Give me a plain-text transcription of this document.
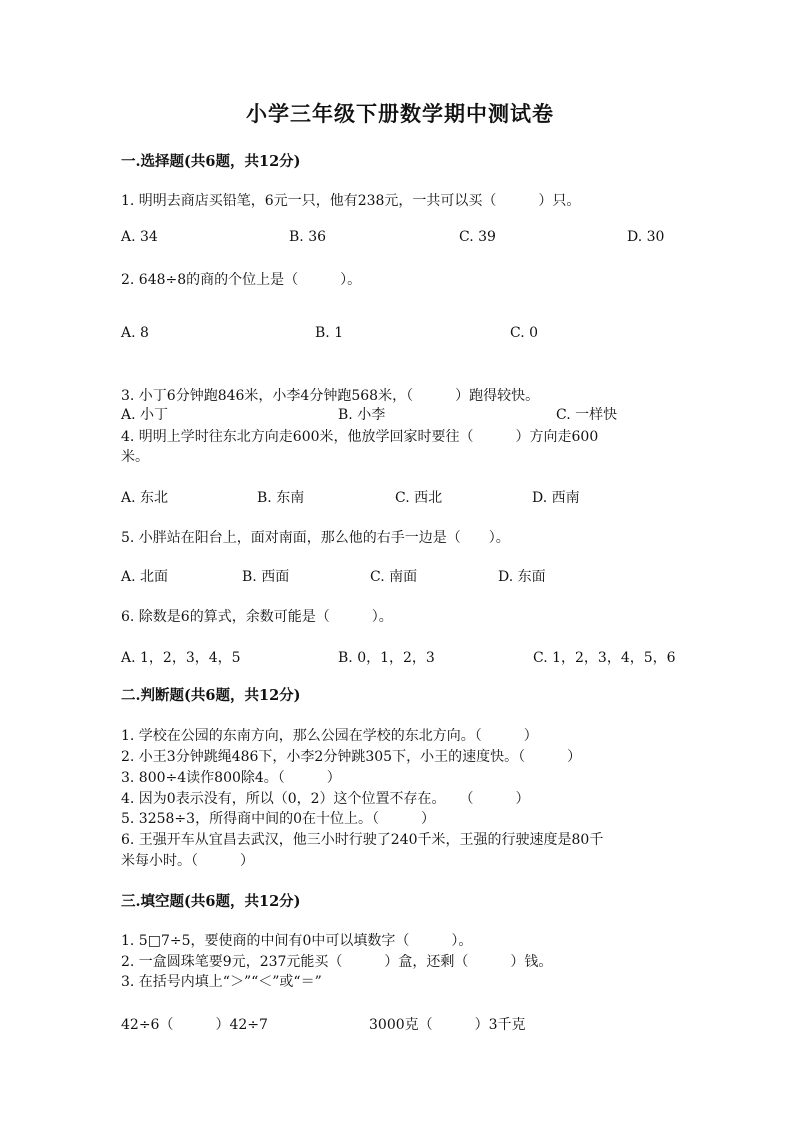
小学三年级下册数学期中测试卷
一.选择题(共6题，共12分)
1. 明明去商店买铅笔，6元一只，他有238元，一共可以买（　　　）只。
A. 34	B. 36	C. 39	D. 30
2. 648÷8的商的个位上是（　　　）。
A. 8	B. 1	C. 0
3. 小丁6分钟跑846米，小李4分钟跑568米，（　　　）跑得较快。
A. 小丁	B. 小李	C. 一样快
4. 明明上学时往东北方向走600米，他放学回家时要往（　　　）方向走600
米。
A. 东北	B. 东南	C. 西北	D. 西南
5. 小胖站在阳台上，面对南面，那么他的右手一边是（　　）。
A. 北面	B. 西面	C. 南面	D. 东面
6. 除数是6的算式，余数可能是（　　　）。
A. 1，2，3，4，5	B. 0，1，2，3	C. 1，2，3，4，5，6
二.判断题(共6题，共12分)
1. 学校在公园的东南方向，那么公园在学校的东北方向。（　　　）
2. 小王3分钟跳绳486下，小李2分钟跳305下，小王的速度快。（　　　）
3. 800÷4读作800除4。（　　　）
4. 因为0表示没有，所以（0，2）这个位置不存在。　　（　　　）
5. 3258÷3，所得商中间的0在十位上。（　　　）
6. 王强开车从宜昌去武汉，他三小时行驶了240千米，王强的行驶速度是80千
米每小时。（　　　）
三.填空题(共6题，共12分)
1. 5□7÷5，要使商的中间有0中可以填数字（　　　）。
2. 一盒圆珠笔要9元，237元能买（　　　）盒，还剩（　　　）钱。
3. 在括号内填上“＞”“＜”或“＝”
42÷6（　　　）42÷7	3000克（　　　）3千克
